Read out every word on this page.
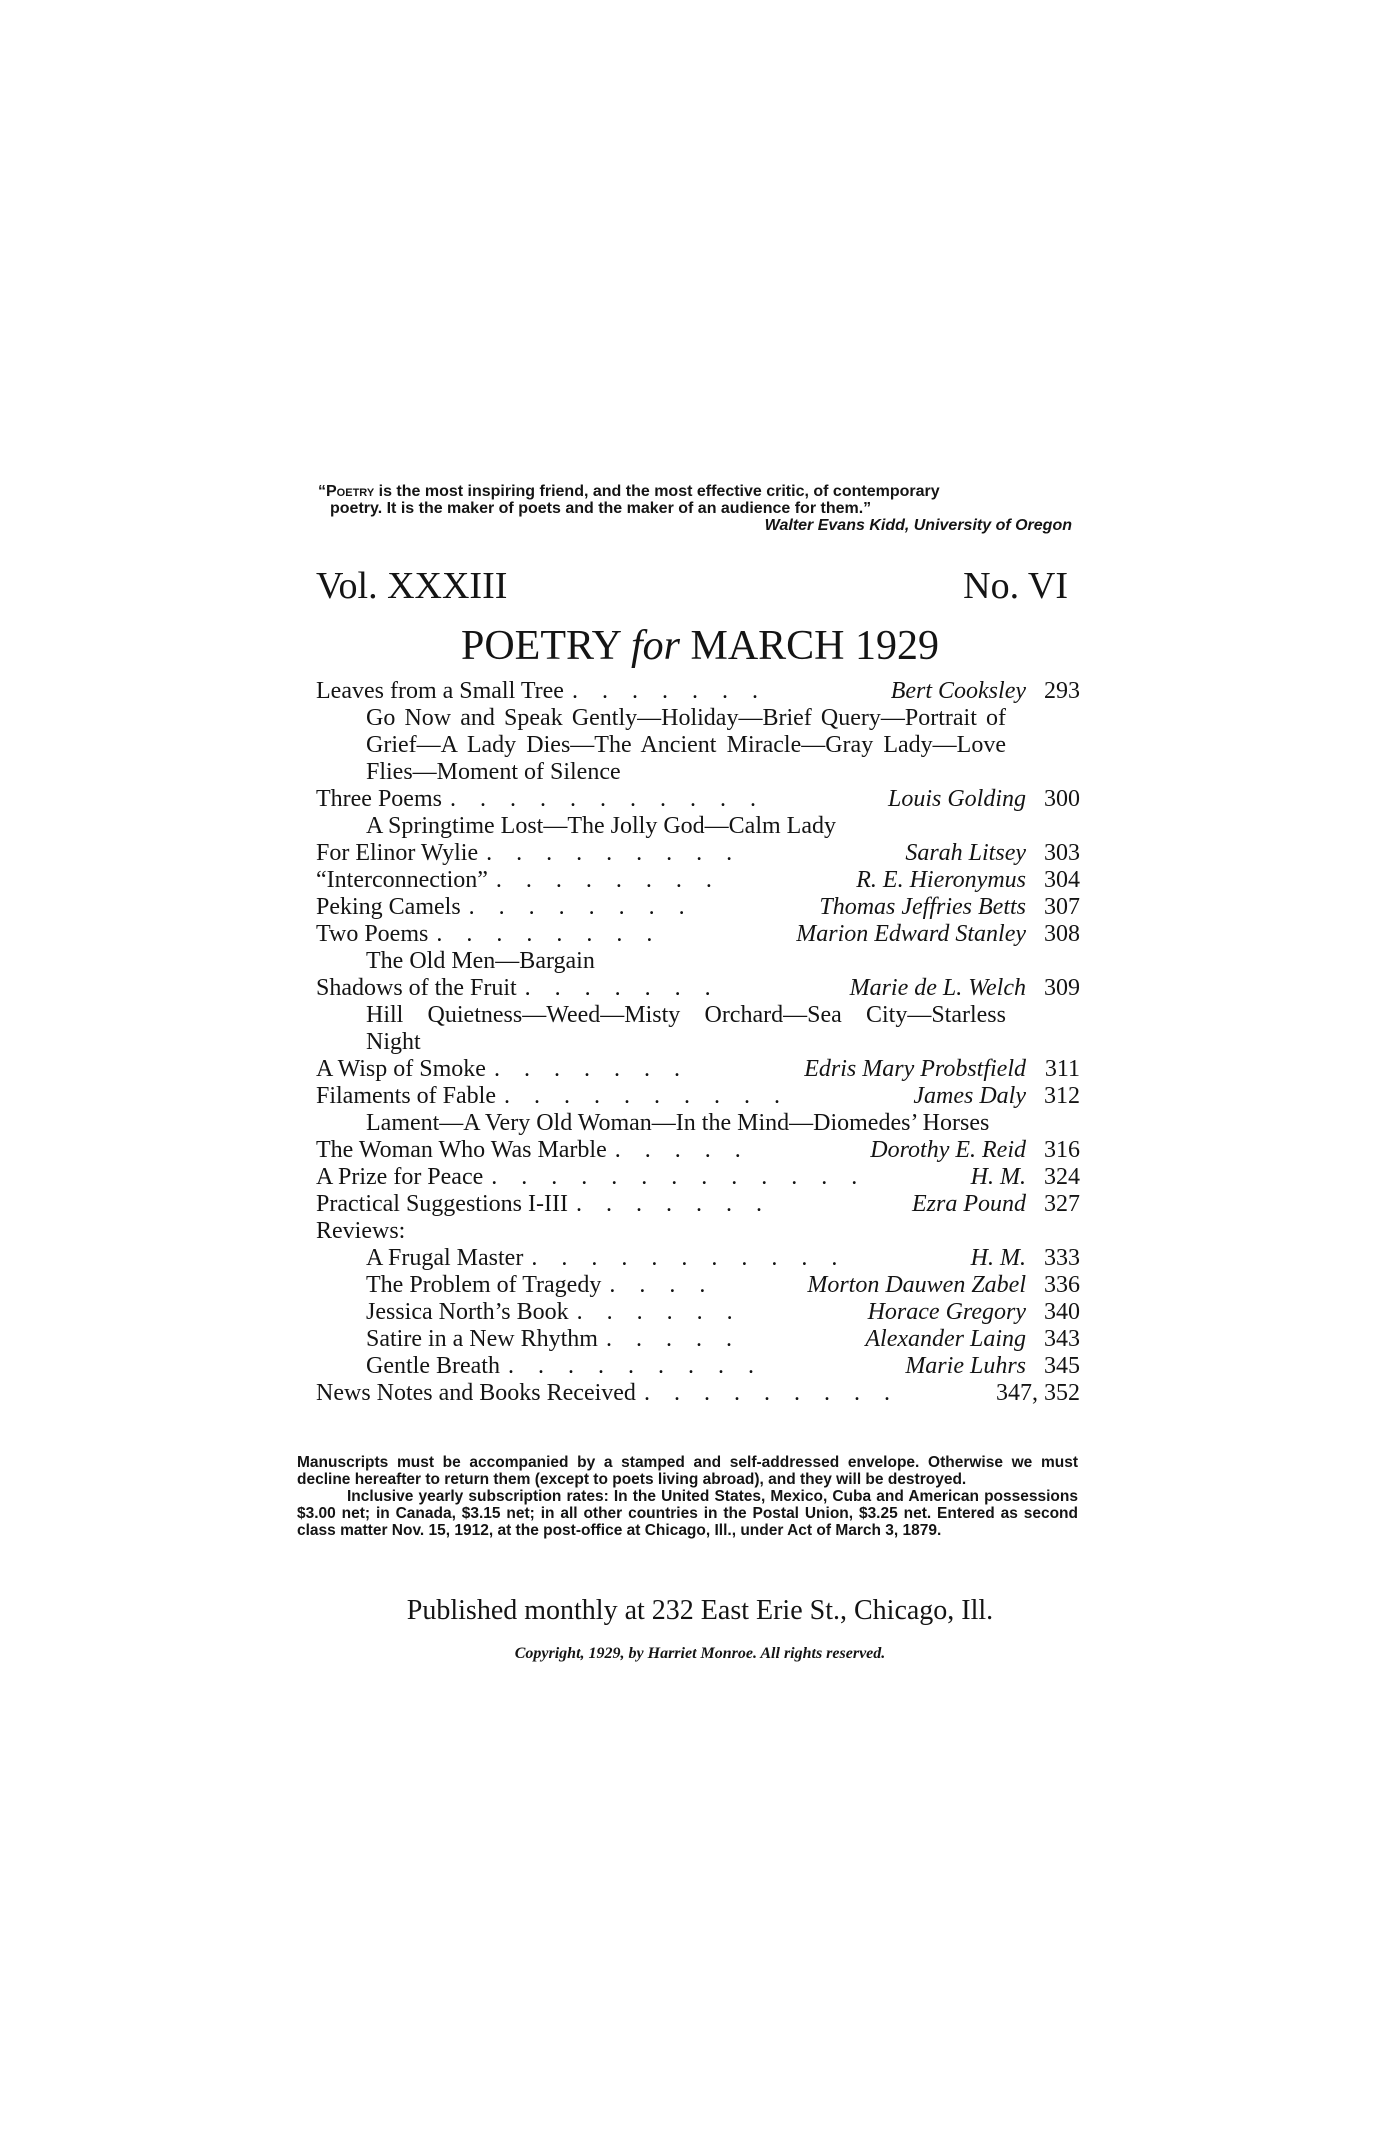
“Poetry is the most inspiring friend, and the most effective critic, of contemporary
poetry. It is the maker of poets and the maker of an audience for them.”
Walter Evans Kidd, University of Oregon
Vol. XXXIII	No. VI
POETRY for MARCH 1929
Leaves from a Small Tree . . . . . . .	Bert Cooksley 293
Go Now and Speak Gently—Holiday—Brief Query—Portrait of Grief—A Lady Dies—The Ancient Miracle—Gray Lady—Love Flies—Moment of Silence
Three Poems . . . . . . . . . . .	Louis Golding 300
A Springtime Lost—The Jolly God—Calm Lady
For Elinor Wylie . . . . . . . . .	Sarah Litsey 303
“Interconnection” . . . . . . . .	R. E. Hieronymus 304
Peking Camels . . . . . . . .	Thomas Jeffries Betts 307
Two Poems . . . . . . . .	Marion Edward Stanley 308
The Old Men—Bargain
Shadows of the Fruit . . . . . . .	Marie de L. Welch 309
Hill Quietness—Weed—Misty Orchard—Sea City—Starless Night
A Wisp of Smoke . . . . . . .	Edris Mary Probstfield 311
Filaments of Fable . . . . . . . . . .	James Daly 312
Lament—A Very Old Woman—In the Mind—Diomedes’ Horses
The Woman Who Was Marble . . . . .	Dorothy E. Reid 316
A Prize for Peace . . . . . . . . . . . . .	H. M. 324
Practical Suggestions I-III . . . . . . .	Ezra Pound 327
Reviews:
A Frugal Master . . . . . . . . . . .	H. M. 333
The Problem of Tragedy . . . .	Morton Dauwen Zabel 336
Jessica North’s Book . . . . . .	Horace Gregory 340
Satire in a New Rhythm . . . . .	Alexander Laing 343
Gentle Breath . . . . . . . . .	Marie Luhrs 345
News Notes and Books Received . . . . . . . . .	347, 352

Manuscripts must be accompanied by a stamped and self-addressed envelope. Otherwise we must decline hereafter to return them (except to poets living abroad), and they will be destroyed.

Inclusive yearly subscription rates: In the United States, Mexico, Cuba and American possessions $3.00 net; in Canada, $3.15 net; in all other countries in the Postal Union, $3.25 net. Entered as second class matter Nov. 15, 1912, at the post-office at Chicago, Ill., under Act of March 3, 1879.

Published monthly at 232 East Erie St., Chicago, Ill.
Copyright, 1929, by Harriet Monroe. All rights reserved.
